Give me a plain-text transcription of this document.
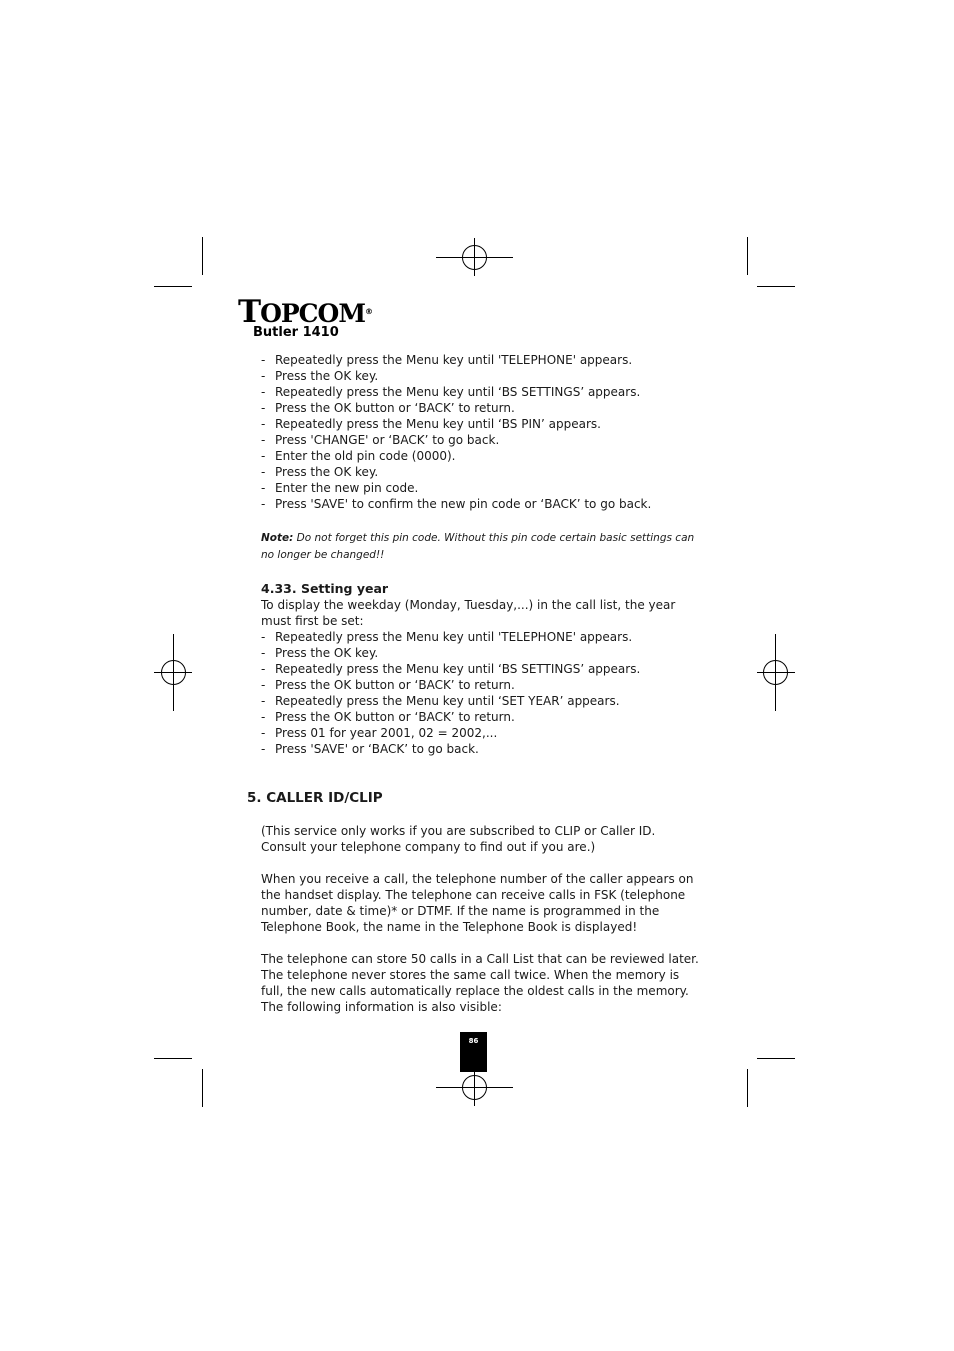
TOPCOM®
Butler 1410
- Repeatedly press the Menu key until 'TELEPHONE' appears.
- Press the OK key.
- Repeatedly press the Menu key until ‘BS SETTINGS’ appears.
- Press the OK button or ‘BACK’ to return.
- Repeatedly press the Menu key until ‘BS PIN’ appears.
- Press 'CHANGE' or ‘BACK’ to go back.
- Enter the old pin code (0000).
- Press the OK key.
- Enter the new pin code.
- Press 'SAVE' to confirm the new pin code or ‘BACK’ to go back.
Note: Do not forget this pin code. Without this pin code certain basic settings can no longer be changed!!
4.33. Setting year
To display the weekday (Monday, Tuesday,...) in the call list, the year must first be set:
- Repeatedly press the Menu key until 'TELEPHONE' appears.
- Press the OK key.
- Repeatedly press the Menu key until ‘BS SETTINGS’ appears.
- Press the OK button or ‘BACK’ to return.
- Repeatedly press the Menu key until ‘SET YEAR’ appears.
- Press the OK button or ‘BACK’ to return.
- Press 01 for year 2001, 02 = 2002,...
- Press 'SAVE' or ‘BACK’ to go back.
5. CALLER ID/CLIP
(This service only works if you are subscribed to CLIP or Caller ID. Consult your telephone company to find out if you are.)
When you receive a call, the telephone number of the caller appears on the handset display. The telephone can receive calls in FSK (telephone number, date & time)* or DTMF. If the name is programmed in the Telephone Book, the name in the Telephone Book is displayed!
The telephone can store 50 calls in a Call List that can be reviewed later. The telephone never stores the same call twice. When the memory is full, the new calls automatically replace the oldest calls in the memory. The following information is also visible:
86
